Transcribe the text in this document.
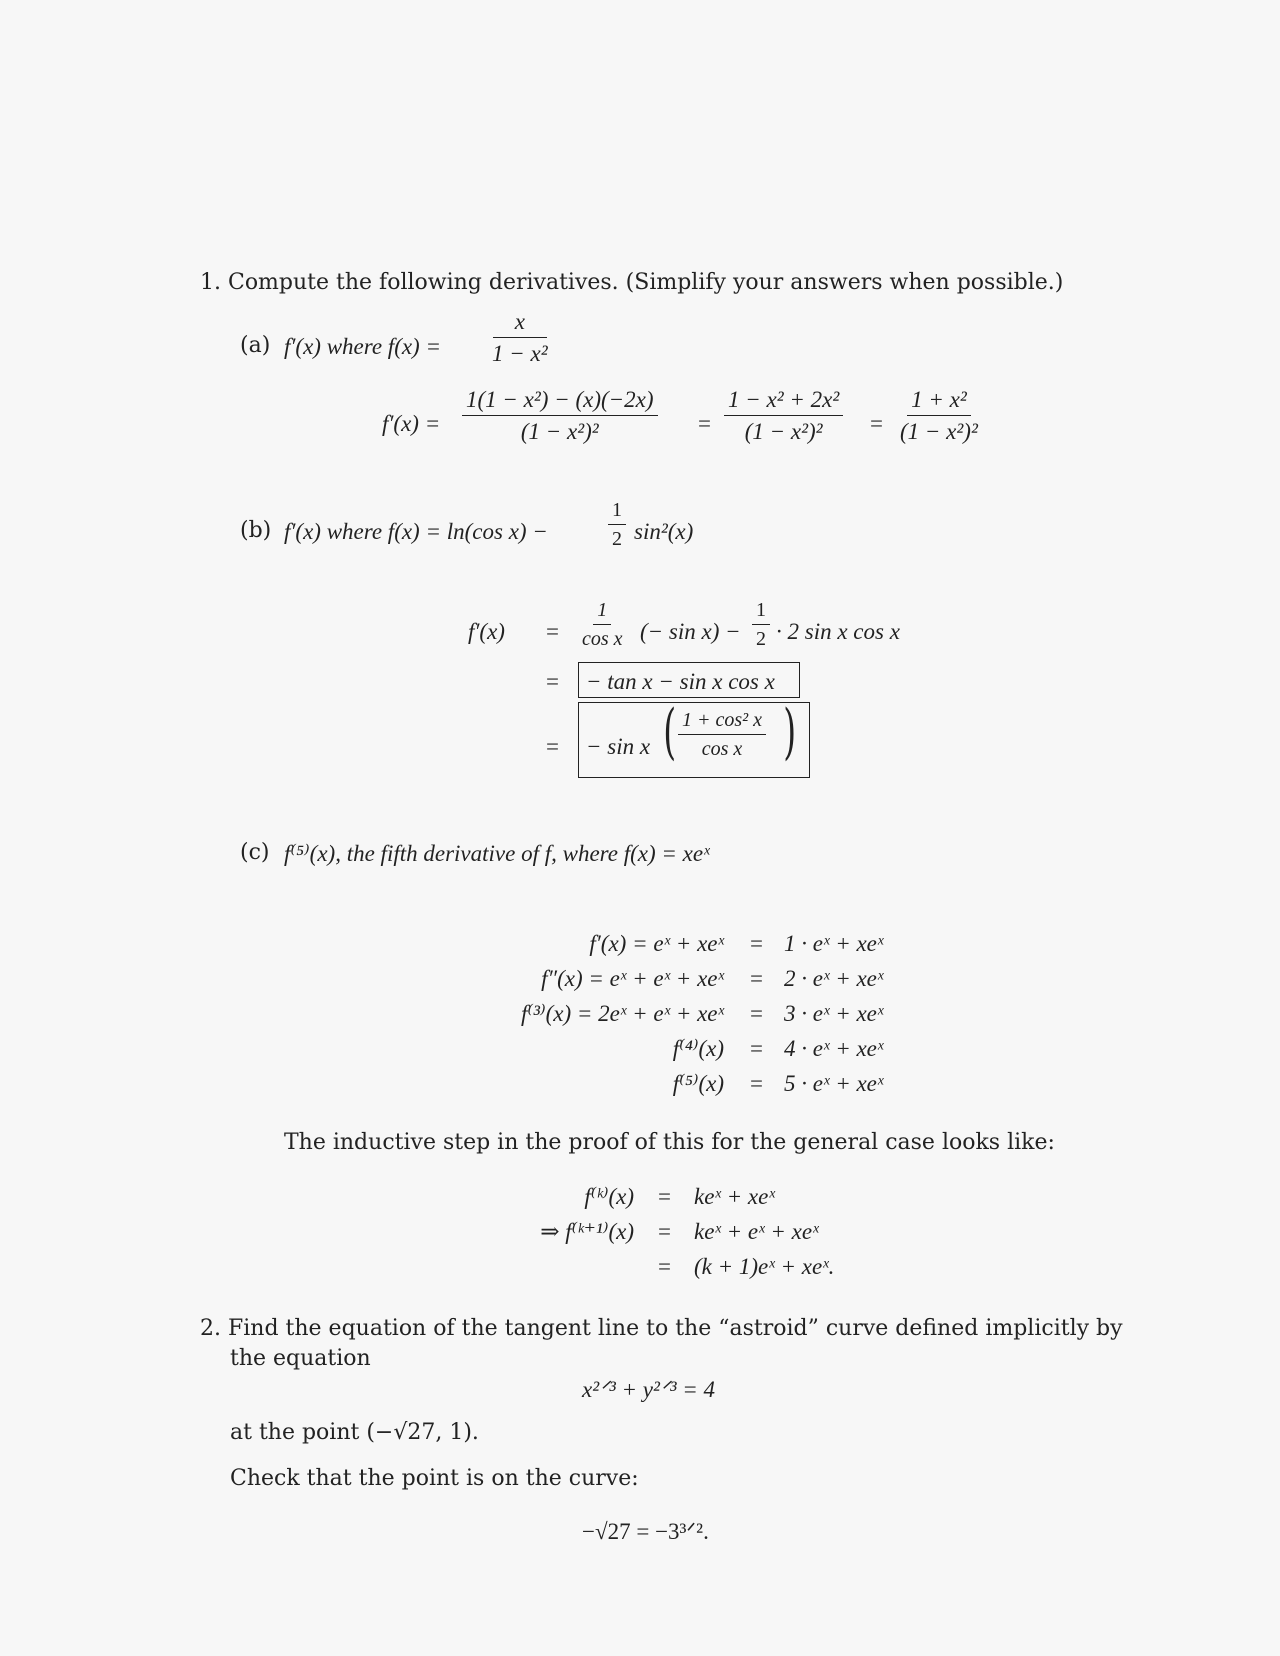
1. Compute the following derivatives. (Simplify your answers when possible.)
(a) f′(x) where $f(x) = \frac{x}{\text{1 − x²}}$
$f'(x) = \frac{\text{1(1 − x²) − (x)(−2x)}}{\text{(1 − x²)²}} = \frac{\text{1 − x² + 2x²}}{\text{(1 − x²)²}} = \frac{\text{1 + x²}}{\text{(1 − x²)²}}$
(b) f′(x) where f(x) = ln(cos x) −	$\frac{1}{2} \sin^2(x)$
$f'(x) = \frac{1}{\text{cos x}}$ (− $\sin x) - \frac{1}{2} \cdot 2$ sin x cos x
= − tan x − sin x cos x
= − sin x ( $\frac{\text{1 + cos² x}}{\text{cos x}}$ )
(c) f⁽⁵⁾(x), the fifth derivative of f, where f(x) = xeˣ
f′(x) = eˣ + xeˣ = 1 · eˣ + xeˣ
f″(x) = eˣ + eˣ + xeˣ = 2 · eˣ + xeˣ
f⁽³⁾(x) = 2eˣ + eˣ + xeˣ = 3 · eˣ + xeˣ
f⁽⁴⁾(x) = 4 · eˣ + xeˣ
f⁽⁵⁾(x) = 5 · eˣ + xeˣ
The inductive step in the proof of this for the general case looks like:
f⁽ᵏ⁾(x) = keˣ + xeˣ
⇒ f⁽ᵏ⁺¹⁾(x) = keˣ + eˣ + xeˣ
= (k + 1)eˣ + xeˣ.
2. Find the equation of the tangent line to the “astroid” curve defined implicitly by
the equation
x²ᐟ³ + y²ᐟ³ = 4
at the point (−√27, 1).
Check that the point is on the curve:
−√27 = −3³ᐟ².
